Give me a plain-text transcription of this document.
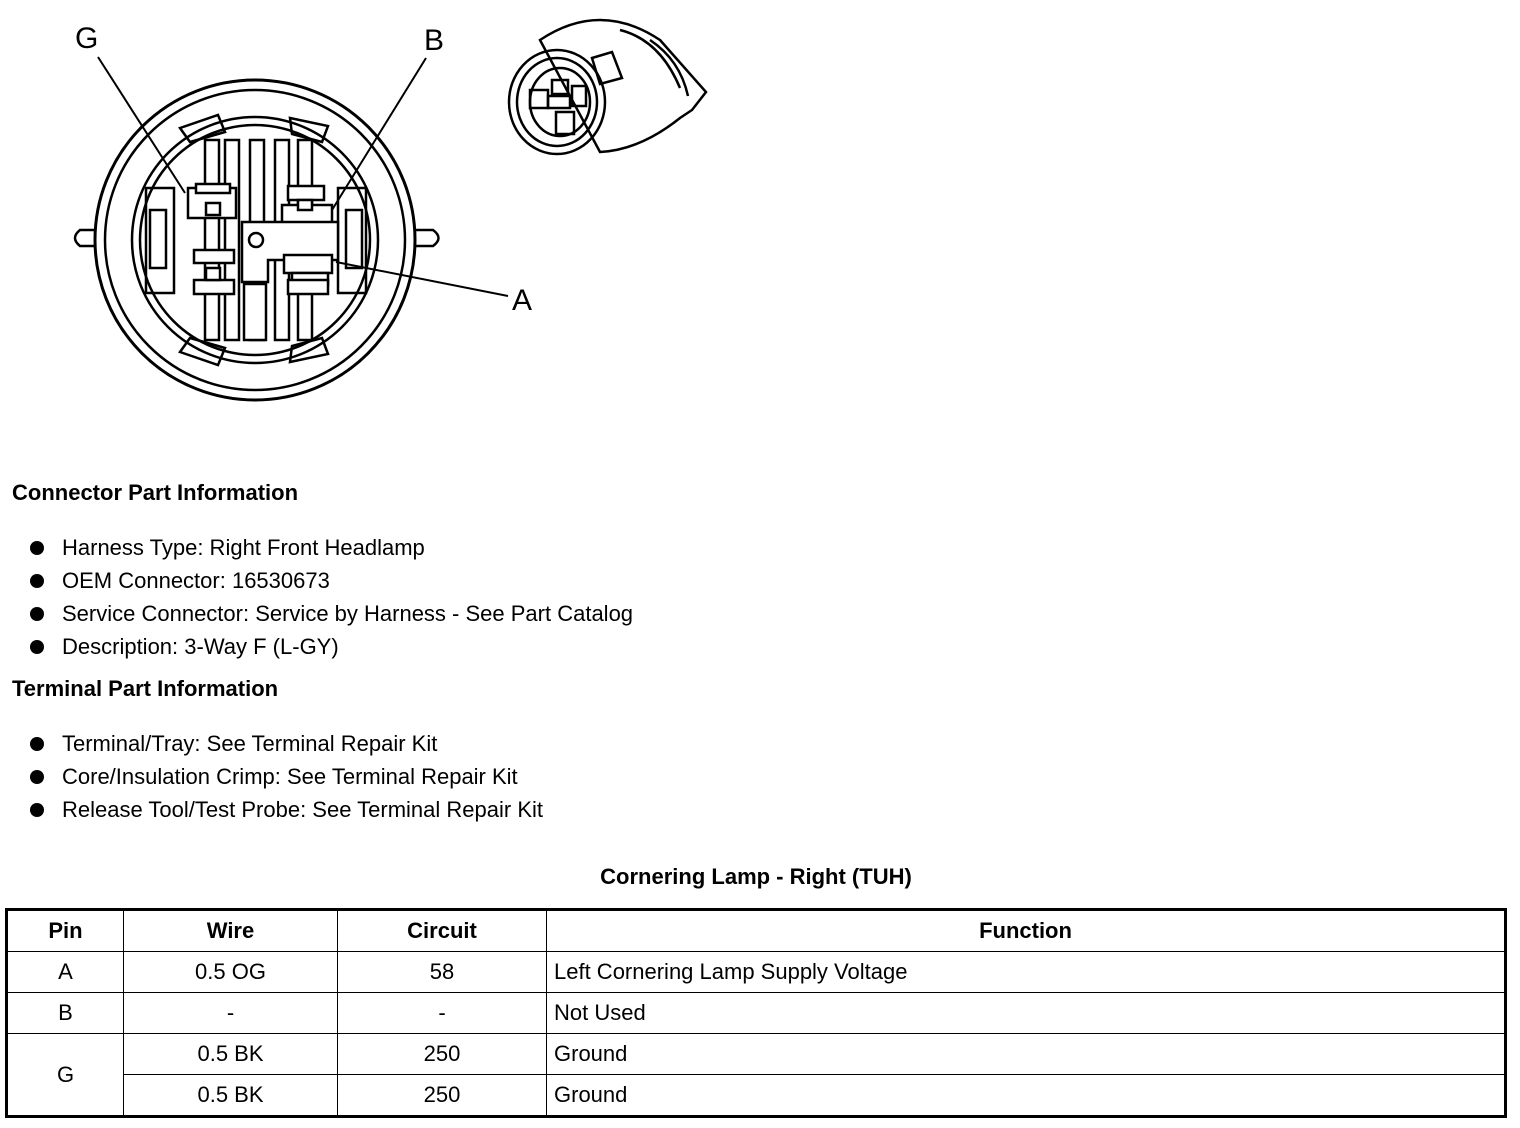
G	B
A
Connector Part Information
Harness Type: Right Front Headlamp
OEM Connector: 16530673
Service Connector: Service by Harness - See Part Catalog
Description: 3-Way F (L-GY)
Terminal Part Information
Terminal/Tray: See Terminal Repair Kit
Core/Insulation Crimp: See Terminal Repair Kit
Release Tool/Test Probe: See Terminal Repair Kit
Cornering Lamp - Right (TUH)
Pin	Wire	Circuit	Function
A	0.5 OG	58	Left Cornering Lamp Supply Voltage
B	-	-	Not Used
G	0.5 BK	250	Ground
	0.5 BK	250	Ground
